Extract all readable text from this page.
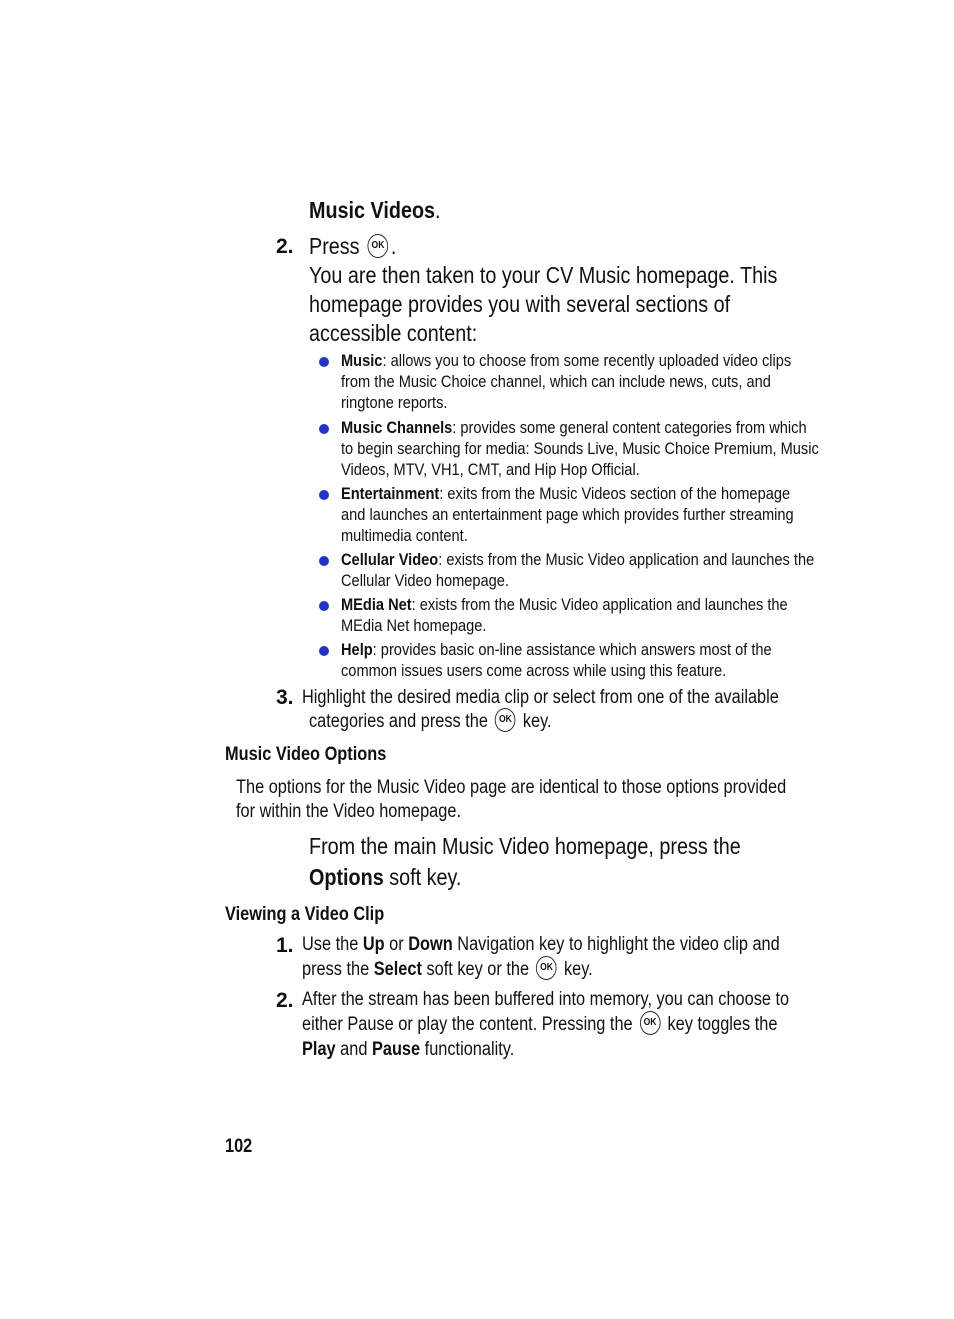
Music Videos.
2. Press OK .
You are then taken to your CV Music homepage. This
homepage provides you with several sections of
accessible content:
Music: allows you to choose from some recently uploaded video clips
from the Music Choice channel, which can include news, cuts, and
ringtone reports.
Music Channels: provides some general content categories from which
to begin searching for media: Sounds Live, Music Choice Premium, Music
Videos, MTV, VH1, CMT, and Hip Hop Official.
Entertainment: exits from the Music Videos section of the homepage
and launches an entertainment page which provides further streaming
multimedia content.
Cellular Video: exists from the Music Video application and launches the
Cellular Video homepage.
MEdia Net: exists from the Music Video application and launches the
MEdia Net homepage.
Help: provides basic on-line assistance which answers most of the
common issues users come across while using this feature.
3. Highlight the desired media clip or select from one of the available
categories and press the OK key.
Music Video Options
The options for the Music Video page are identical to those options provided
for within the Video homepage.
From the main Music Video homepage, press the
Options soft key.
Viewing a Video Clip
1. Use the Up or Down Navigation key to highlight the video clip and
press the Select soft key or the OK key.
2. After the stream has been buffered into memory, you can choose to
either Pause or play the content. Pressing the OK key toggles the
Play and Pause functionality.
102
